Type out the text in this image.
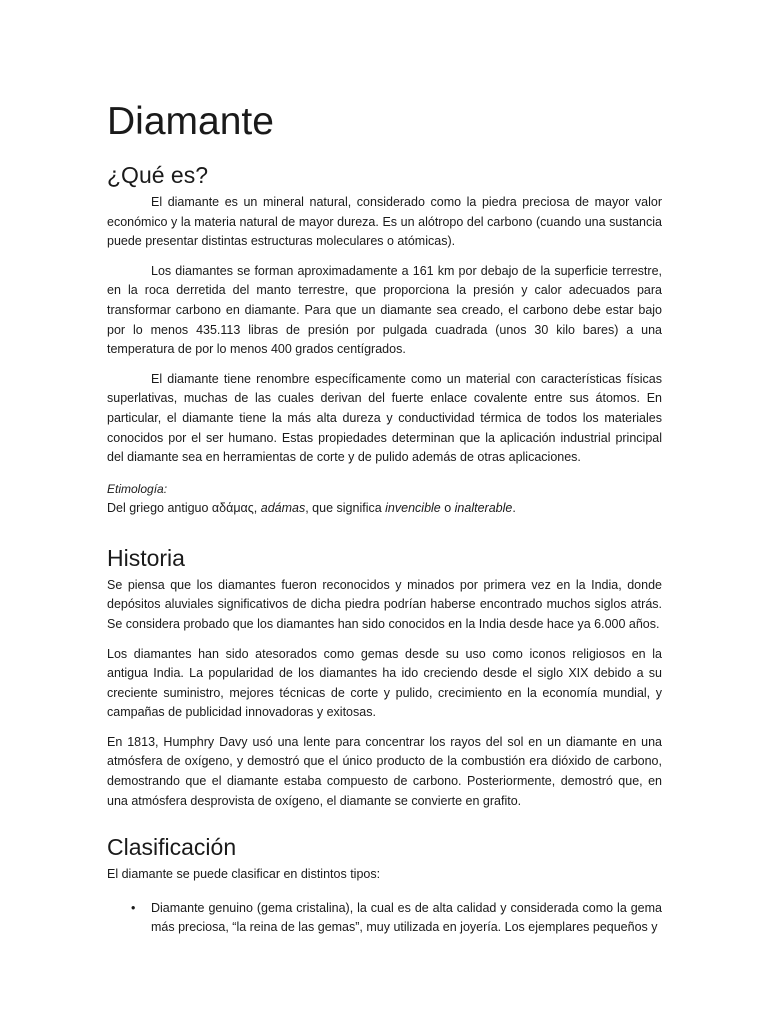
Diamante
¿Qué es?

El diamante es un mineral natural, considerado como la piedra preciosa de mayor valor económico y la materia natural de mayor dureza. Es un alótropo del carbono (cuando una sustancia puede presentar distintas estructuras moleculares o atómicas).

Los diamantes se forman aproximadamente a 161 km por debajo de la superficie terrestre, en la roca derretida del manto terrestre, que proporciona la presión y calor adecuados para transformar carbono en diamante. Para que un diamante sea creado, el carbono debe estar bajo por lo menos 435.113 libras de presión por pulgada cuadrada (unos 30 kilo bares) a una temperatura de por lo menos 400 grados centígrados.

El diamante tiene renombre específicamente como un material con características físicas superlativas, muchas de las cuales derivan del fuerte enlace covalente entre sus átomos. En particular, el diamante tiene la más alta dureza y conductividad térmica de todos los materiales conocidos por el ser humano. Estas propiedades determinan que la aplicación industrial principal del diamante sea en herramientas de corte y de pulido además de otras aplicaciones.

Etimología:

Del griego antiguo αδάμας, adámas, que significa invencible o inalterable.

Historia

Se piensa que los diamantes fueron reconocidos y minados por primera vez en la India, donde depósitos aluviales significativos de dicha piedra podrían haberse encontrado muchos siglos atrás. Se considera probado que los diamantes han sido conocidos en la India desde hace ya 6.000 años.

Los diamantes han sido atesorados como gemas desde su uso como iconos religiosos en la antigua India. La popularidad de los diamantes ha ido creciendo desde el siglo XIX debido a su creciente suministro, mejores técnicas de corte y pulido, crecimiento en la economía mundial, y campañas de publicidad innovadoras y exitosas.

En 1813, Humphry Davy usó una lente para concentrar los rayos del sol en un diamante en una atmósfera de oxígeno, y demostró que el único producto de la combustión era dióxido de carbono, demostrando que el diamante estaba compuesto de carbono. Posteriormente, demostró que, en una atmósfera desprovista de oxígeno, el diamante se convierte en grafito.

Clasificación

El diamante se puede clasificar en distintos tipos:

• Diamante genuino (gema cristalina), la cual es de alta calidad y considerada como la gema más preciosa, “la reina de las gemas”, muy utilizada en joyería. Los ejemplares pequeños y
